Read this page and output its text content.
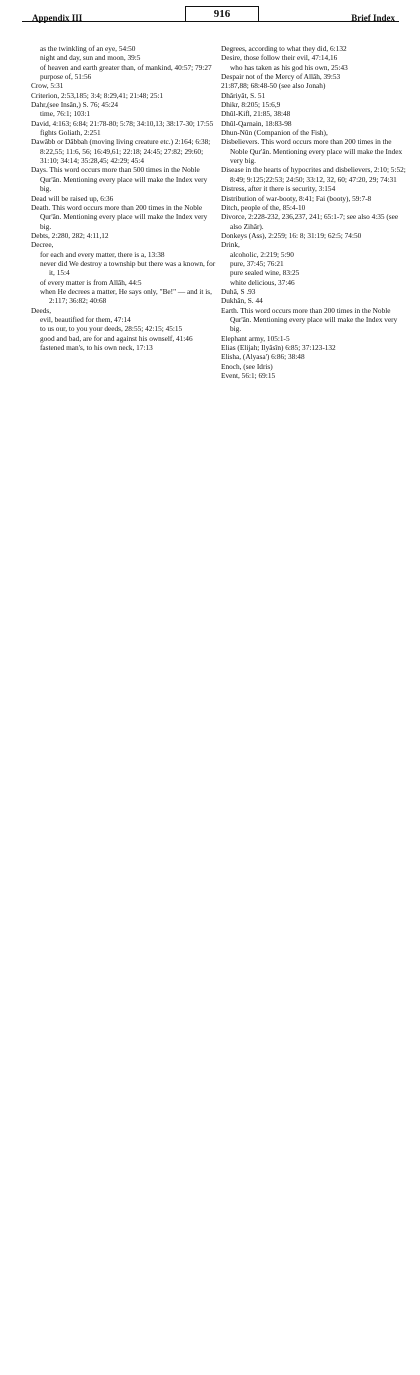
Appendix III	916	Brief Index

as the twinkling of an eye, 54:50

night and day, sun and moon, 39:5

of heaven and earth greater than, of mankind, 40:57; 79:27

purpose of, 51:56

Crow, 5:31

Criterion, 2:53,185; 3:4; 8:29,41; 21:48; 25:1

Dahr,(see Insân,) S. 76; 45:24

time, 76:1; 103:1

David, 4:163; 6:84; 21:78-80; 5:78; 34:10,13; 38:17-30; 17:55

fights Goliath, 2:251

Dawâbb or Dâbbah (moving living creature etc.) 2:164; 6:38; 8:22,55; 11:6, 56; 16:49,61; 22:18; 24:45; 27:82; 29:60; 31:10; 34:14; 35:28,45; 42:29; 45:4

Days. This word occurs more than 500 times in the Noble Qur'ân. Mentioning every place will make the Index very big.

Dead will be raised up, 6:36

Death. This word occurs more than 200 times in the Noble Qur'ân. Mentioning every place will make the Index very big.

Debts, 2:280, 282; 4:11,12

Decree,

for each and every matter, there is a, 13:38

never did We destroy a township but there was a known, for it, 15:4

of every matter is from Allâh, 44:5

when He decrees a matter, He says only, "Be!" — and it is, 2:117; 36:82; 40:68

Deeds,

evil, beautified for them, 47:14

to us our, to you your deeds, 28:55; 42:15; 45:15

good and bad, are for and against his ownself, 41:46

fastened man's, to his own neck, 17:13

Degrees, according to what they did, 6:132

Desire, those follow their evil, 47:14,16

who has taken as his god his own, 25:43

Despair not of the Mercy of Allâh, 39:53

21:87,88; 68:48-50 (see also Jonah)

Dhâriyât, S. 51

Dhikr, 8:205; 15:6,9

Dhûl-Kifl, 21:85, 38:48

Dhûl-Qarnain, 18:83-98

Dhun-Nûn (Companion of the Fish),

Disbelievers. This word occurs more than 200 times in the Noble Qur'ân. Mentioning every place will make the Index very big.

Disease in the hearts of hypocrites and disbelievers, 2:10; 5:52; 8:49; 9:125;22:53; 24:50; 33:12, 32, 60; 47:20, 29; 74:31

Distress, after it there is security, 3:154

Distribution of war-booty, 8:41; Fai (booty), 59:7-8

Ditch, people of the, 85:4-10

Divorce, 2:228-232, 236,237, 241; 65:1-7; see also 4:35 (see also Zihâr).

Donkeys (Ass), 2:259; 16: 8; 31:19; 62:5; 74:50

Drink,

alcoholic, 2:219; 5:90

pure, 37:45; 76:21

pure sealed wine, 83:25

white delicious, 37:46

Duhâ, S .93

Dukhân, S. 44

Earth. This word occurs more than 200 times in the Noble Qur'ân. Mentioning every place will make the Index very big.

Elephant army, 105:1-5

Elias (Elijah; Ilyâsîn) 6:85; 37:123-132

Elisha, (Alyasa') 6:86; 38:48

Enoch, (see Idris)

Event, 56:1; 69:15
